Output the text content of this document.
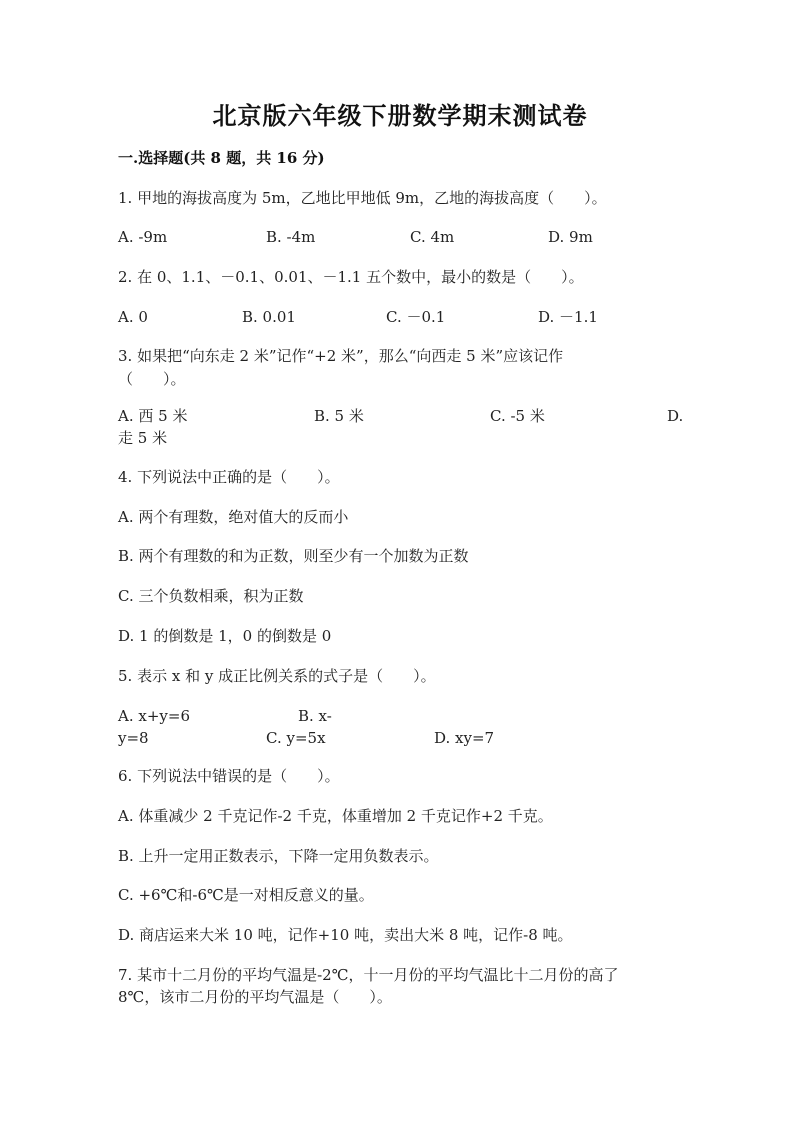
北京版六年级下册数学期末测试卷
一.选择题(共 8 题，共 16 分)
1. 甲地的海拔高度为 5m，乙地比甲地低 9m，乙地的海拔高度（　　）。
A. -9m	B. -4m	C. 4m	D. 9m
2. 在 0、1.1、－0.1、0.01、－1.1 五个数中，最小的数是（　　）。
A. 0	B. 0.01	C. －0.1	D. －1.1
3. 如果把“向东走 2 米”记作“+2 米”，那么“向西走 5 米”应该记作
（　　）。
A. 西 5 米	B. 5 米	C. -5 米	D.
走 5 米
4. 下列说法中正确的是（　　）。
A. 两个有理数，绝对值大的反而小
B. 两个有理数的和为正数，则至少有一个加数为正数
C. 三个负数相乘，积为正数
D. 1 的倒数是 1，0 的倒数是 0
5. 表示 x 和 y 成正比例关系的式子是（　　）。
A. x+y=6	B. x-
y=8	C. y=5x	D. xy=7
6. 下列说法中错误的是（　　）。
A. 体重减少 2 千克记作-2 千克，体重增加 2 千克记作+2 千克。
B. 上升一定用正数表示，下降一定用负数表示。
C. +6℃和-6℃是一对相反意义的量。
D. 商店运来大米 10 吨，记作+10 吨，卖出大米 8 吨，记作-8 吨。
7. 某市十二月份的平均气温是-2℃，十一月份的平均气温比十二月份的高了
8℃，该市二月份的平均气温是（　　）。
